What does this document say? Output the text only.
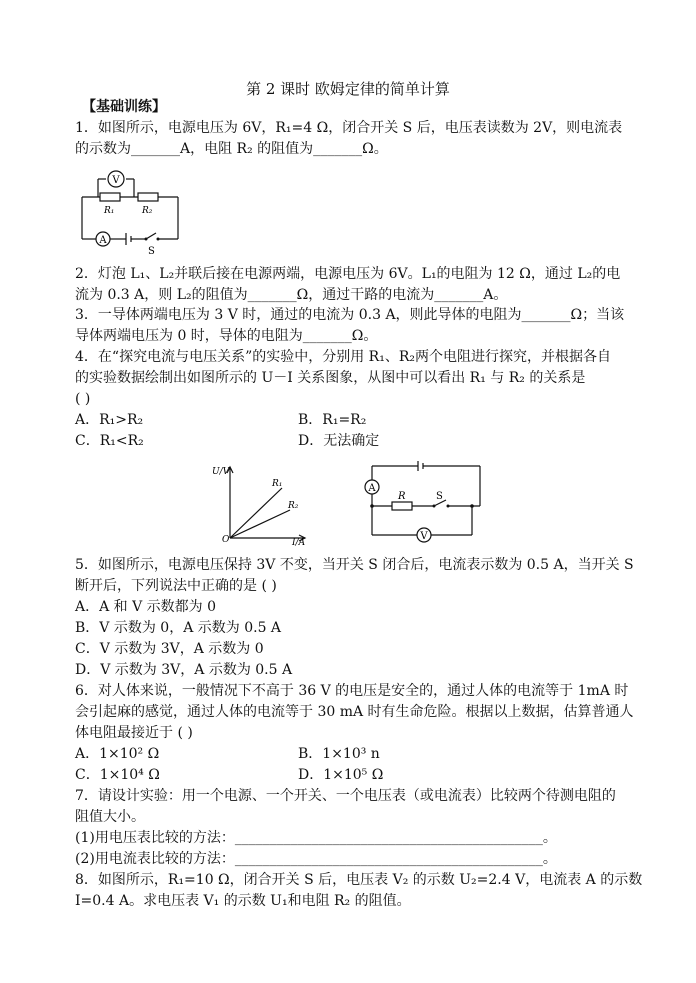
第 2 课时 欧姆定律的简单计算
【基础训练】
1．如图所示，电源电压为 6V，R₁=4 Ω，闭合开关 S 后，电压表读数为 2V，则电流表
的示数为_______A，电阻 R₂ 的阻值为_______Ω。
V
A
R₁	R₂
S
2．灯泡 L₁、L₂并联后接在电源两端，电源电压为 6V。L₁的电阻为 12 Ω，通过 L₂的电
流为 0.3 A，则 L₂的阻值为_______Ω，通过干路的电流为_______A。
3．一导体两端电压为 3 V 时，通过的电流为 0.3 A，则此导体的电阻为_______Ω；当该
导体两端电压为 0 时，导体的电阻为_______Ω。
4．在“探究电流与电压关系”的实验中，分别用 R₁、R₂两个电阻进行探究，并根据各自
的实验数据绘制出如图所示的 U－I 关系图象，从图中可以看出 R₁ 与 R₂ 的关系是
( )
A．R₁>R₂	B．R₁=R₂
C．R₁<R₂	D．无法确定
U/V
I/A
O
R₁
R₂
A
V
R	S
5．如图所示，电源电压保持 3V 不变，当开关 S 闭合后，电流表示数为 0.5 A，当开关 S
断开后，下列说法中正确的是 ( )
A．A 和 V 示数都为 0
B．V 示数为 0，A 示数为 0.5 A
C．V 示数为 3V，A 示数为 0
D．V 示数为 3V，A 示数为 0.5 A
6．对人体来说，一般情况下不高于 36 V 的电压是安全的，通过人体的电流等于 1mA 时
会引起麻的感觉，通过人体的电流等于 30 mA 时有生命危险。根据以上数据，估算普通人
体电阻最接近于 ( )
A．1×10² Ω	B．1×10³ n
C．1×10⁴ Ω	D．1×10⁵ Ω
7．请设计实验：用一个电源、一个开关、一个电压表（或电流表）比较两个待测电阻的
阻值大小。
(1)用电压表比较的方法：____________________________________________。
(2)用电流表比较的方法：____________________________________________。
8．如图所示，R₁=10 Ω，闭合开关 S 后，电压表 V₂ 的示数 U₂=2.4 V，电流表 A 的示数
I=0.4 A。求电压表 V₁ 的示数 U₁和电阻 R₂ 的阻值。
